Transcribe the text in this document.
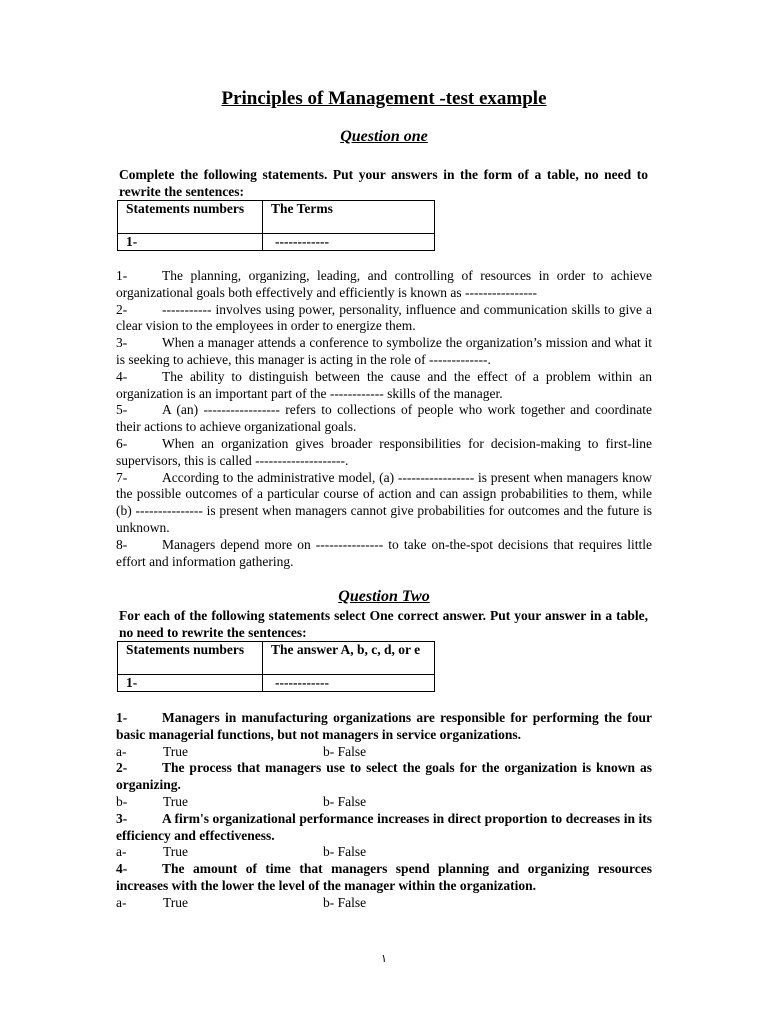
Principles of Management -test example
Question one
Complete the following statements. Put your answers in the form of a table, no need to rewrite the sentences:
Statements numbers	The Terms
1-	------------

1-	The planning, organizing, leading, and controlling of resources in order to achieve organizational goals both effectively and efficiently is known as ----------------

2-	----------- involves using power, personality, influence and communication skills to give a clear vision to the employees in order to energize them.

3-	When a manager attends a conference to symbolize the organization’s mission and what it is seeking to achieve, this manager is acting in the role of -------------.

4-	The ability to distinguish between the cause and the effect of a problem within an organization is an important part of the ------------ skills of the manager.

5-	A (an) ----------------- refers to collections of people who work together and coordinate their actions to achieve organizational goals.

6-	When an organization gives broader responsibilities for decision-making to first-line supervisors, this is called --------------------.

7-	According to the administrative model, (a) ----------------- is present when managers know the possible outcomes of a particular course of action and can assign probabilities to them, while (b) --------------- is present when managers cannot give probabilities for outcomes and the future is unknown.

8-	Managers depend more on --------------- to take on-the-spot decisions that requires little effort and information gathering.

Question Two
For each of the following statements select One correct answer. Put your answer in a table, no need to rewrite the sentences:
Statements numbers	The answer A, b, c, d, or e
1-	------------

1-	Managers in manufacturing organizations are responsible for performing the four basic managerial functions, but not managers in service organizations.

a-	True	b- False

2-	The process that managers use to select the goals for the organization is known as organizing.

b-	True	b- False

3-	A firm's organizational performance increases in direct proportion to decreases in its efficiency and effectiveness.

a-	True	b- False

4-	The amount of time that managers spend planning and organizing resources increases with the lower the level of the manager within the organization.

a-	True	b- False
١
